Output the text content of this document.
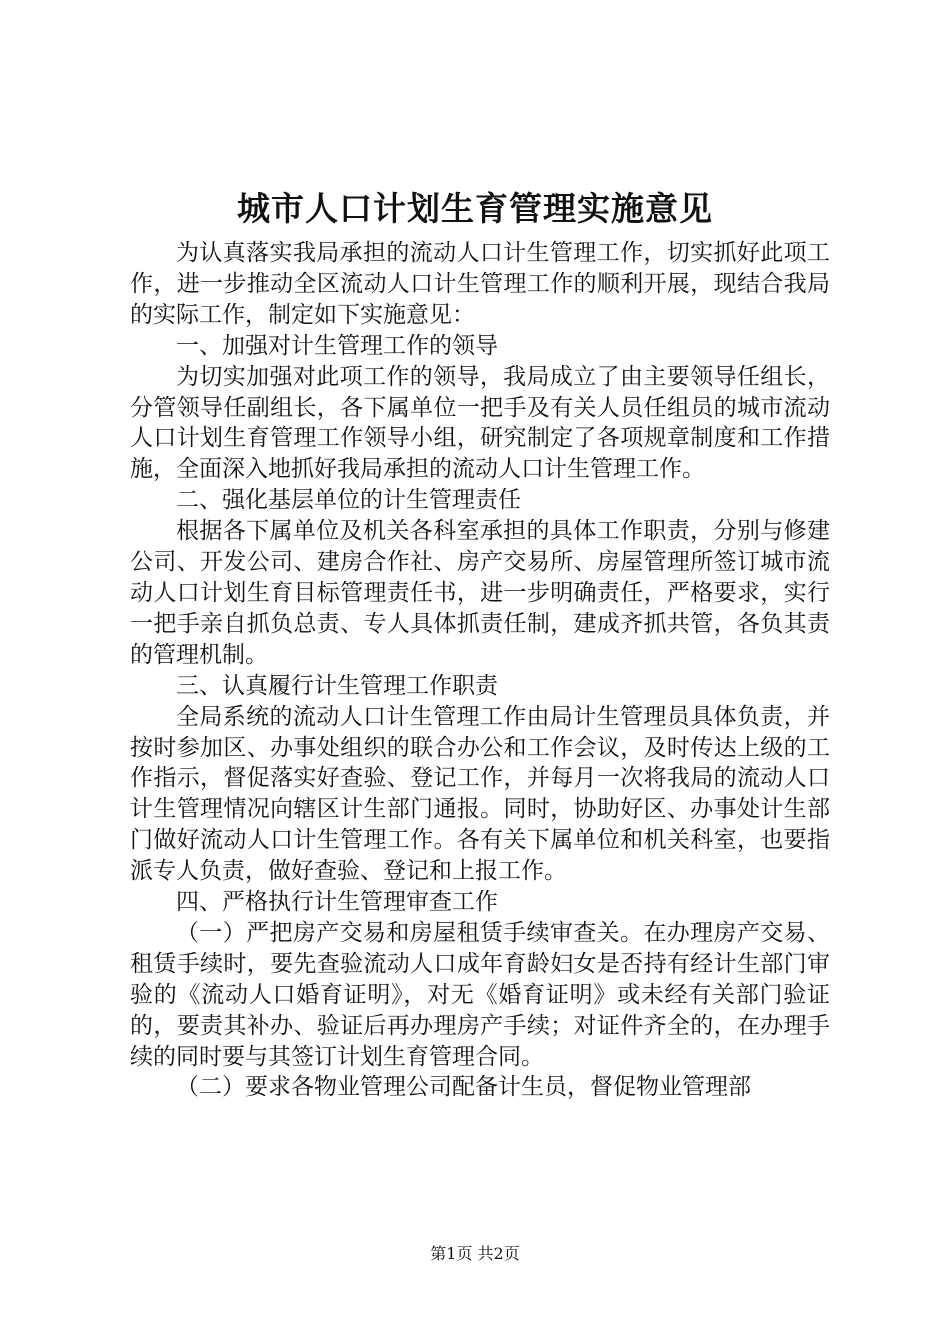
城市人口计划生育管理实施意见

为认真落实我局承担的流动人口计生管理工作，切实抓好此项工作，进一步推动全区流动人口计生管理工作的顺利开展，现结合我局的实际工作，制定如下实施意见：

一、加强对计生管理工作的领导

为切实加强对此项工作的领导，我局成立了由主要领导任组长，分管领导任副组长，各下属单位一把手及有关人员任组员的城市流动人口计划生育管理工作领导小组，研究制定了各项规章制度和工作措施，全面深入地抓好我局承担的流动人口计生管理工作。

二、强化基层单位的计生管理责任

根据各下属单位及机关各科室承担的具体工作职责，分别与修建公司、开发公司、建房合作社、房产交易所、房屋管理所签订城市流动人口计划生育目标管理责任书，进一步明确责任，严格要求，实行一把手亲自抓负总责、专人具体抓责任制，建成齐抓共管，各负其责的管理机制。

三、认真履行计生管理工作职责

全局系统的流动人口计生管理工作由局计生管理员具体负责，并按时参加区、办事处组织的联合办公和工作会议，及时传达上级的工作指示，督促落实好查验、登记工作，并每月一次将我局的流动人口计生管理情况向辖区计生部门通报。同时，协助好区、办事处计生部门做好流动人口计生管理工作。各有关下属单位和机关科室，也要指派专人负责，做好查验、登记和上报工作。

四、严格执行计生管理审查工作

（一）严把房产交易和房屋租赁手续审查关。在办理房产交易、租赁手续时，要先查验流动人口成年育龄妇女是否持有经计生部门审验的《流动人口婚育证明》，对无《婚育证明》或未经有关部门验证的，要责其补办、验证后再办理房产手续；对证件齐全的，在办理手续的同时要与其签订计划生育管理合同。

（二）要求各物业管理公司配备计生员，督促物业管理部

第1页 共2页
